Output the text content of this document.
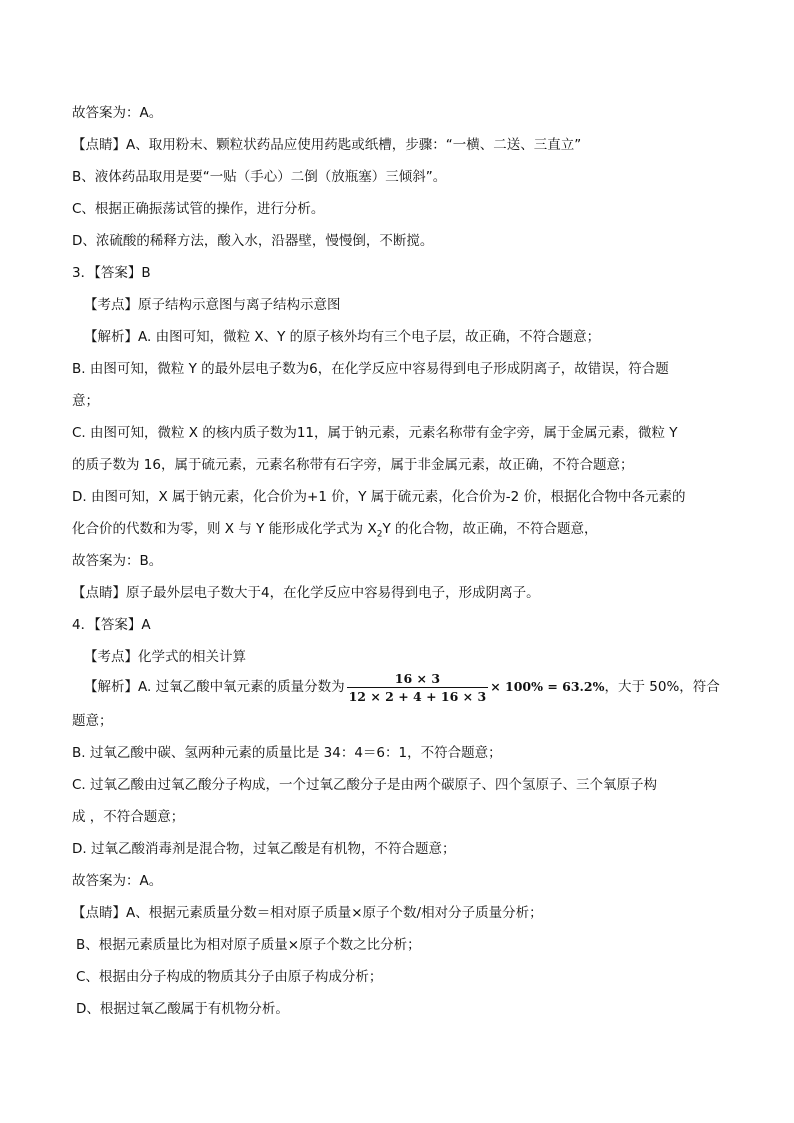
故答案为：A。
【点睛】A、取用粉末、颗粒状药品应使用药匙或纸槽，步骤：“一横、二送、三直立”
B、液体药品取用是要“一贴（手心）二倒（放瓶塞）三倾斜”。
C、根据正确振荡试管的操作，进行分析。
D、浓硫酸的稀释方法，酸入水，沿器壁，慢慢倒，不断搅。
3．【答案】B
【考点】原子结构示意图与离子结构示意图
【解析】A. 由图可知，微粒 X、Y 的原子核外均有三个电子层，故正确，不符合题意；
B. 由图可知，微粒 Y 的最外层电子数为6，在化学反应中容易得到电子形成阴离子，故错误，符合题
意；
C. 由图可知，微粒 X 的核内质子数为11，属于钠元素，元素名称带有金字旁，属于金属元素，微粒 Y
的质子数为 16，属于硫元素，元素名称带有石字旁，属于非金属元素，故正确，不符合题意；
D. 由图可知，X 属于钠元素，化合价为+1 价，Y 属于硫元素，化合价为-2 价，根据化合物中各元素的
化合价的代数和为零，则 X 与 Y 能形成化学式为 $X_2Y$ 的化合物，故正确，不符合题意，
故答案为：B。
【点睛】原子最外层电子数大于4，在化学反应中容易得到电子，形成阴离子。
4．【答案】A
【考点】化学式的相关计算
【解析】A. 过氧乙酸中氧元素的质量分数为 $\frac{16 \times 3}{12 \times 2 + 4 + 16 \times 3} \times 100\% = 63.2\%$，大于 50%，符合
题意；
B. 过氧乙酸中碳、氢两种元素的质量比是 34：4＝6：1，不符合题意；
C. 过氧乙酸由过氧乙酸分子构成，一个过氧乙酸分子是由两个碳原子、四个氢原子、三个氧原子构
成 ，不符合题意；
D. 过氧乙酸消毒剂是混合物，过氧乙酸是有机物，不符合题意；
故答案为：A。
【点睛】A、根据元素质量分数＝相对原子质量×原子个数/相对分子质量分析；
B、根据元素质量比为相对原子质量×原子个数之比分析；
C、根据由分子构成的物质其分子由原子构成分析；
D、根据过氧乙酸属于有机物分析。
